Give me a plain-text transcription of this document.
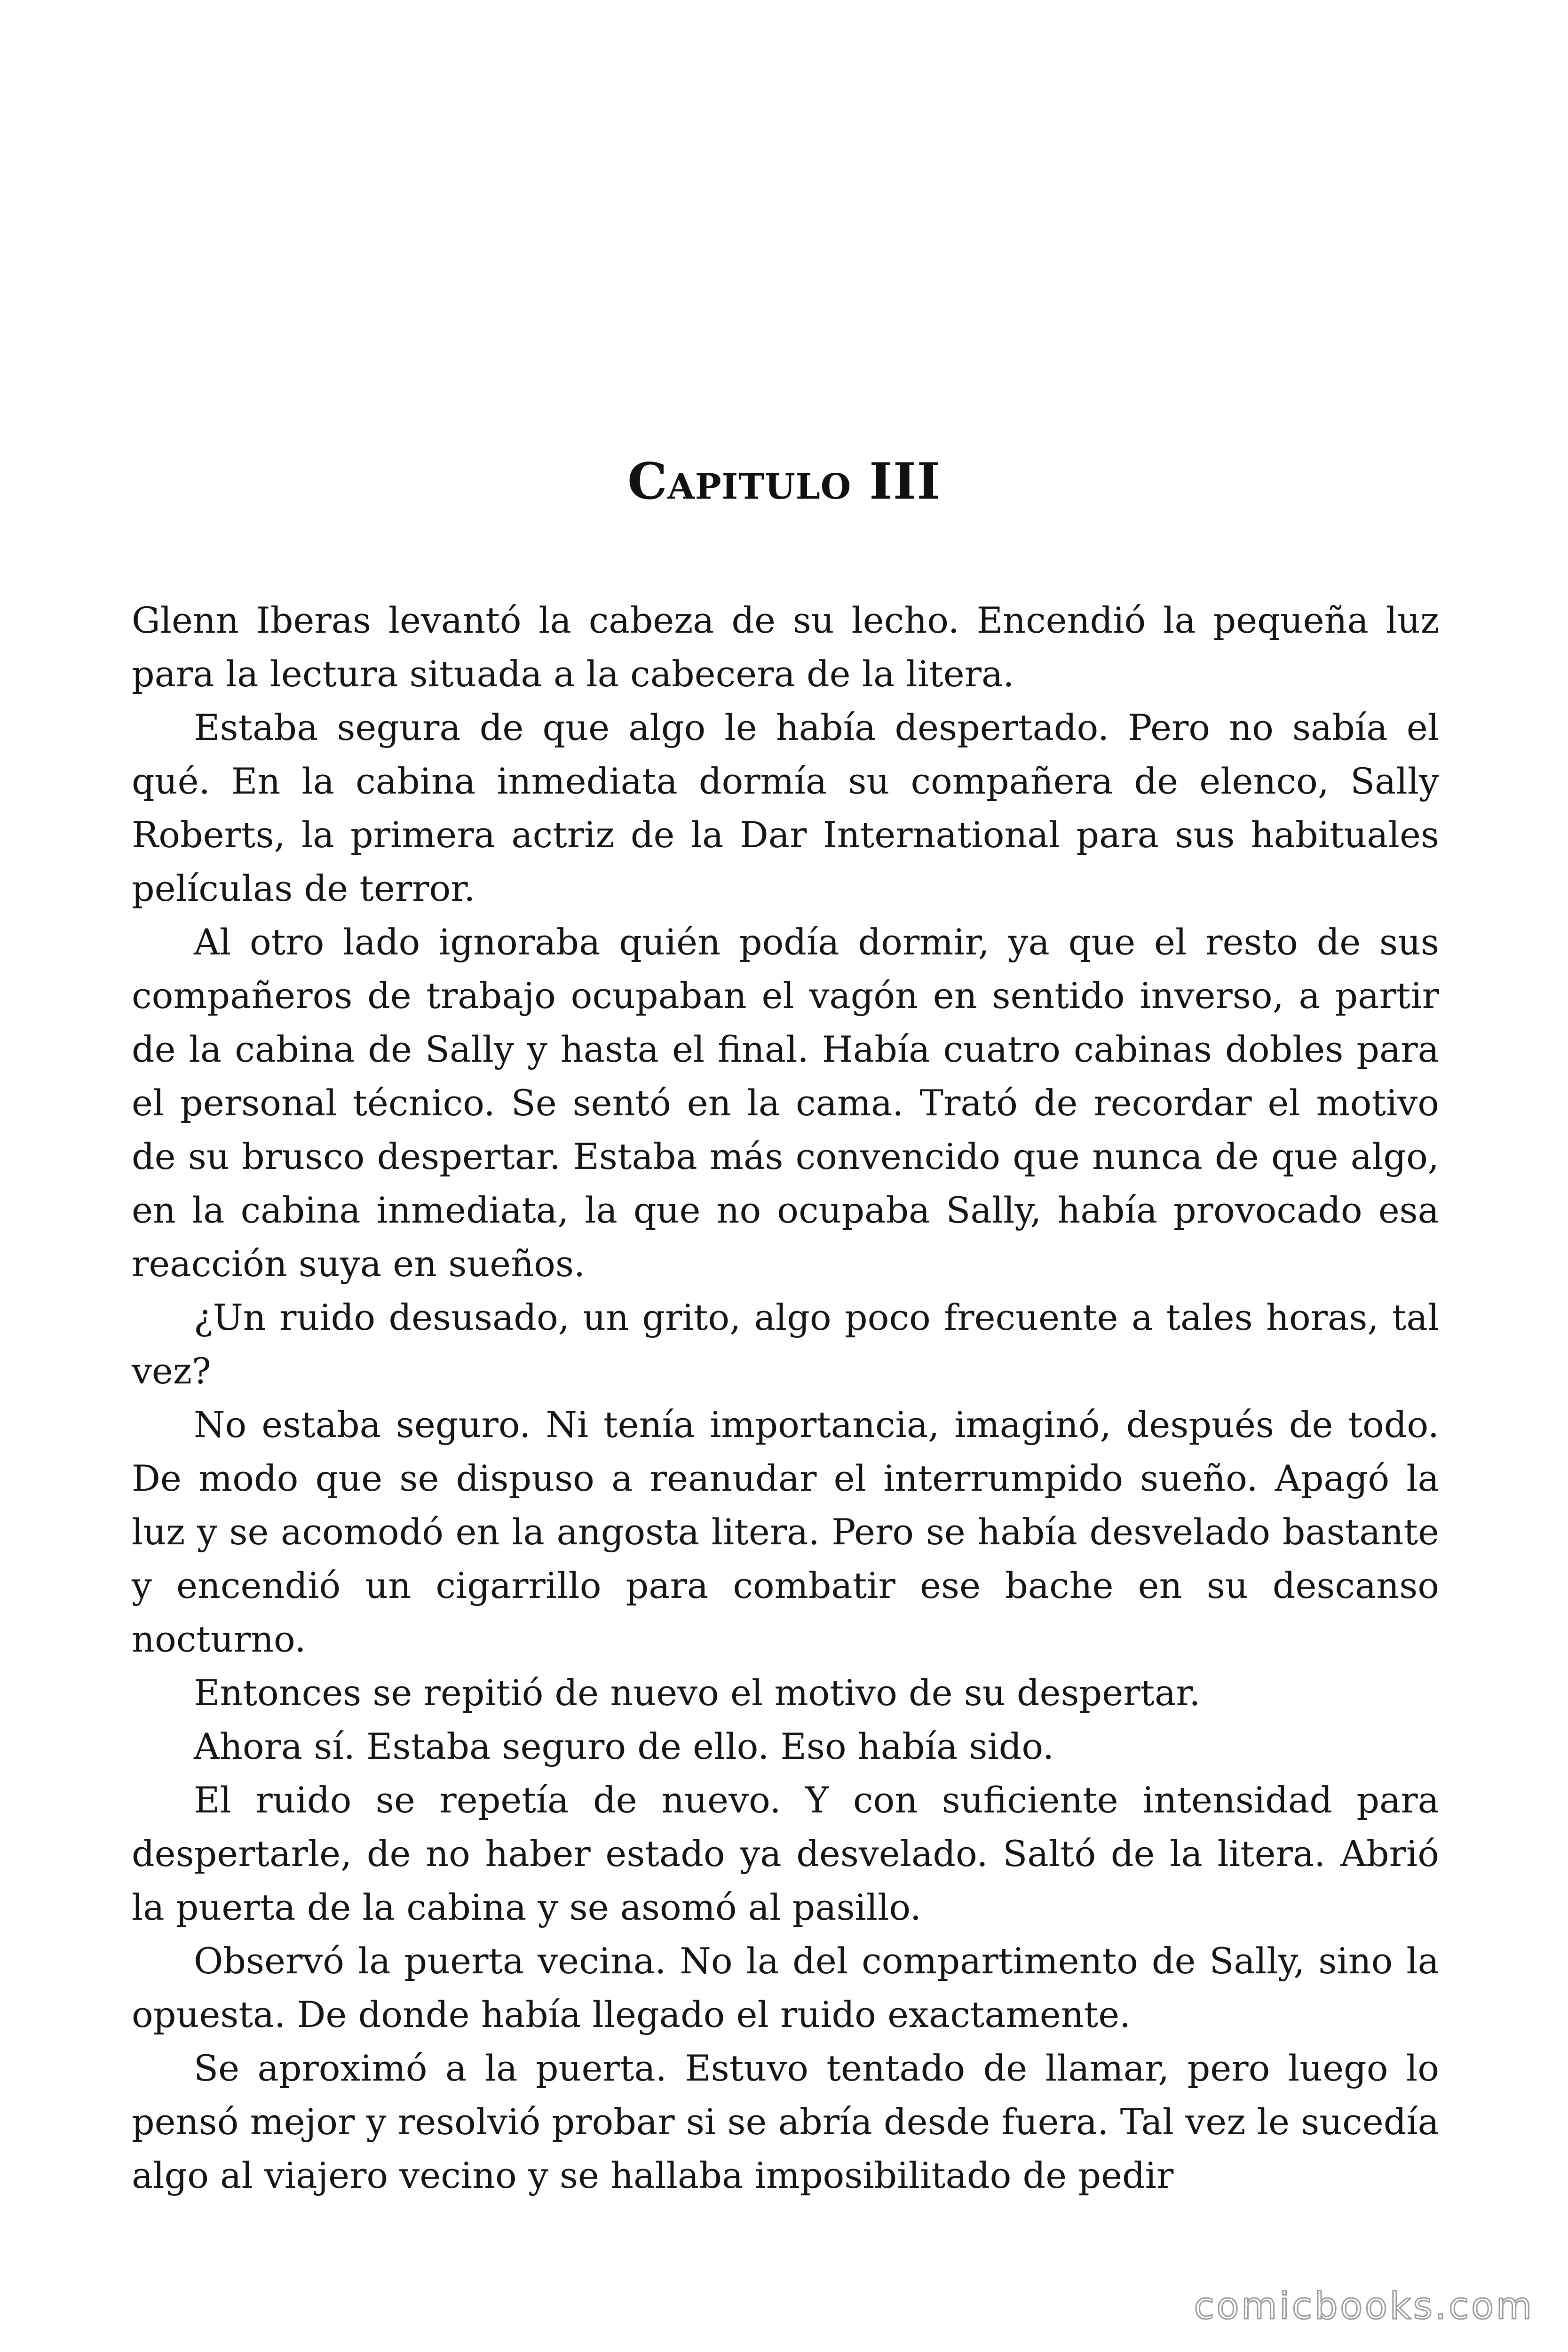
Capitulo III

Glenn Iberas levantó la cabeza de su lecho. Encendió la pequeña luz para la lectura situada a la cabecera de la litera.

Estaba segura de que algo le había despertado. Pero no sabía el qué. En la cabina inmediata dormía su compañera de elenco, Sally Roberts, la primera actriz de la Dar International para sus habituales películas de terror.

Al otro lado ignoraba quién podía dormir, ya que el resto de sus compañeros de trabajo ocupaban el vagón en sentido inverso, a partir de la cabina de Sally y hasta el final. Había cuatro cabinas dobles para el personal técnico. Se sentó en la cama. Trató de recordar el motivo de su brusco despertar. Estaba más convencido que nunca de que algo, en la cabina inmediata, la que no ocupaba Sally, había provocado esa reacción suya en sueños.

¿Un ruido desusado, un grito, algo poco frecuente a tales horas, tal vez?

No estaba seguro. Ni tenía importancia, imaginó, después de todo. De modo que se dispuso a reanudar el interrumpido sueño. Apagó la luz y se acomodó en la angosta litera. Pero se había desvelado bastante y encendió un cigarrillo para combatir ese bache en su descanso nocturno.

Entonces se repitió de nuevo el motivo de su despertar.

Ahora sí. Estaba seguro de ello. Eso había sido.

El ruido se repetía de nuevo. Y con suficiente intensidad para despertarle, de no haber estado ya desvelado. Saltó de la litera. Abrió la puerta de la cabina y se asomó al pasillo.

Observó la puerta vecina. No la del compartimento de Sally, sino la opuesta. De donde había llegado el ruido exactamente.

Se aproximó a la puerta. Estuvo tentado de llamar, pero luego lo pensó mejor y resolvió probar si se abría desde fuera. Tal vez le sucedía algo al viajero vecino y se hallaba imposibilitado de pedir

comicbooks.com
